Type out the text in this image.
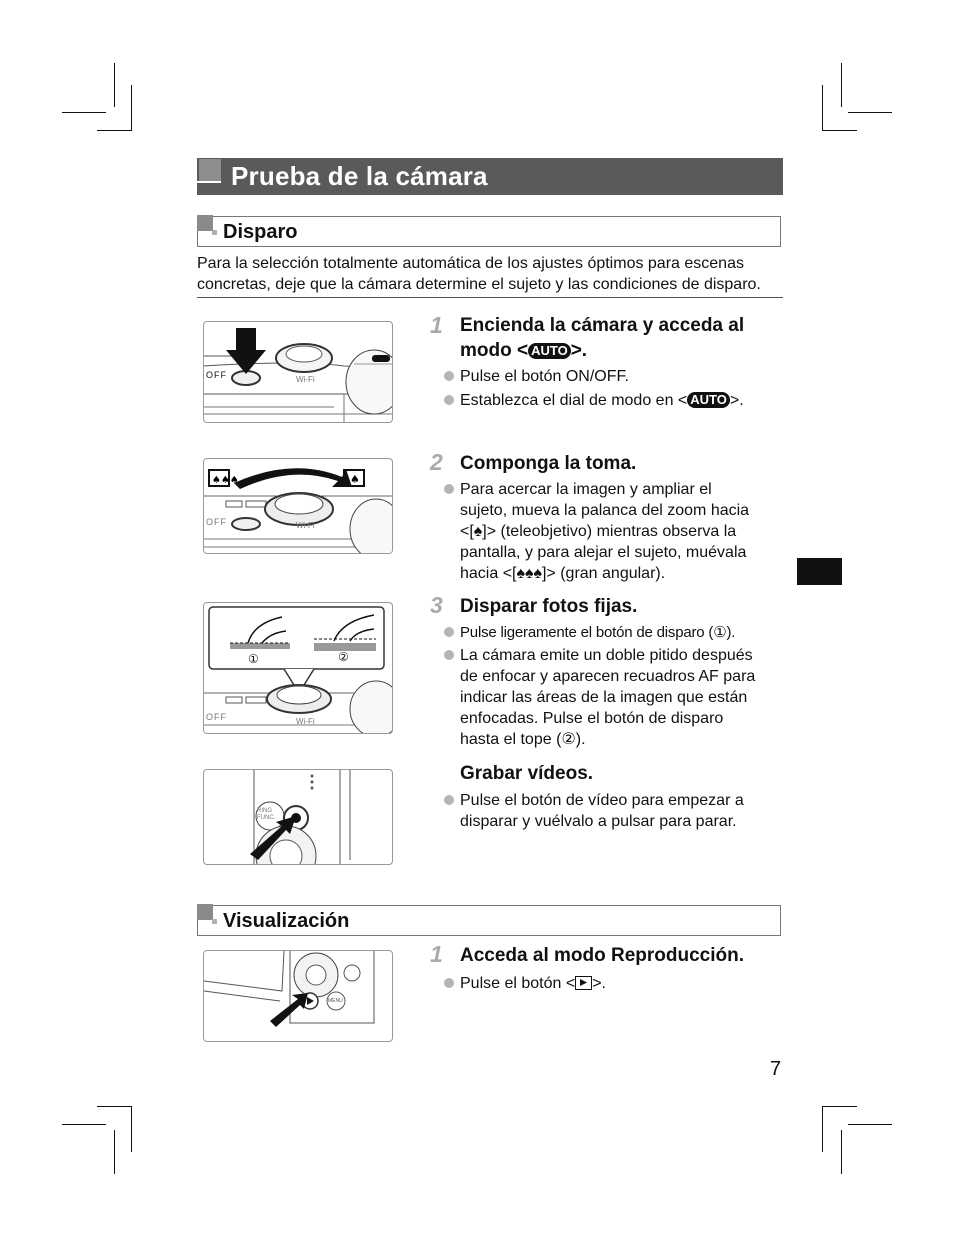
Prueba de la cámara
Disparo
Para la selección totalmente automática de los ajustes óptimos para escenas concretas, deje que la cámara determine el sujeto y las condiciones de disparo.
OFF	Wi-Fi
1 Encienda la cámara y acceda al
modo < AUTO >.
Pulse el botón ON/OFF.
Establezca el dial de modo en < AUTO >.
♠♠♠	♠
OFF	Wi-Fi
2 Componga la toma.
Para acercar la imagen y ampliar el
sujeto, mueva la palanca del zoom hacia
<[♠]> (teleobjetivo) mientras observa la
pantalla, y para alejar el sujeto, muévala
hacia <[♠♠♠]> (gran angular).
①	②
OFF	Wi-Fi
3 Disparar fotos fijas.
Pulse ligeramente el botón de disparo (①).
La cámara emite un doble pitido después
de enfocar y aparecen recuadros AF para
indicar las áreas de la imagen que están
enfocadas. Pulse el botón de disparo
hasta el tope (②).
RING FUNC.
Grabar vídeos.
Pulse el botón de vídeo para empezar a
disparar y vuélvalo a pulsar para parar.
Visualización
MENU
1 Acceda al modo Reproducción.
Pulse el botón < >.
7
